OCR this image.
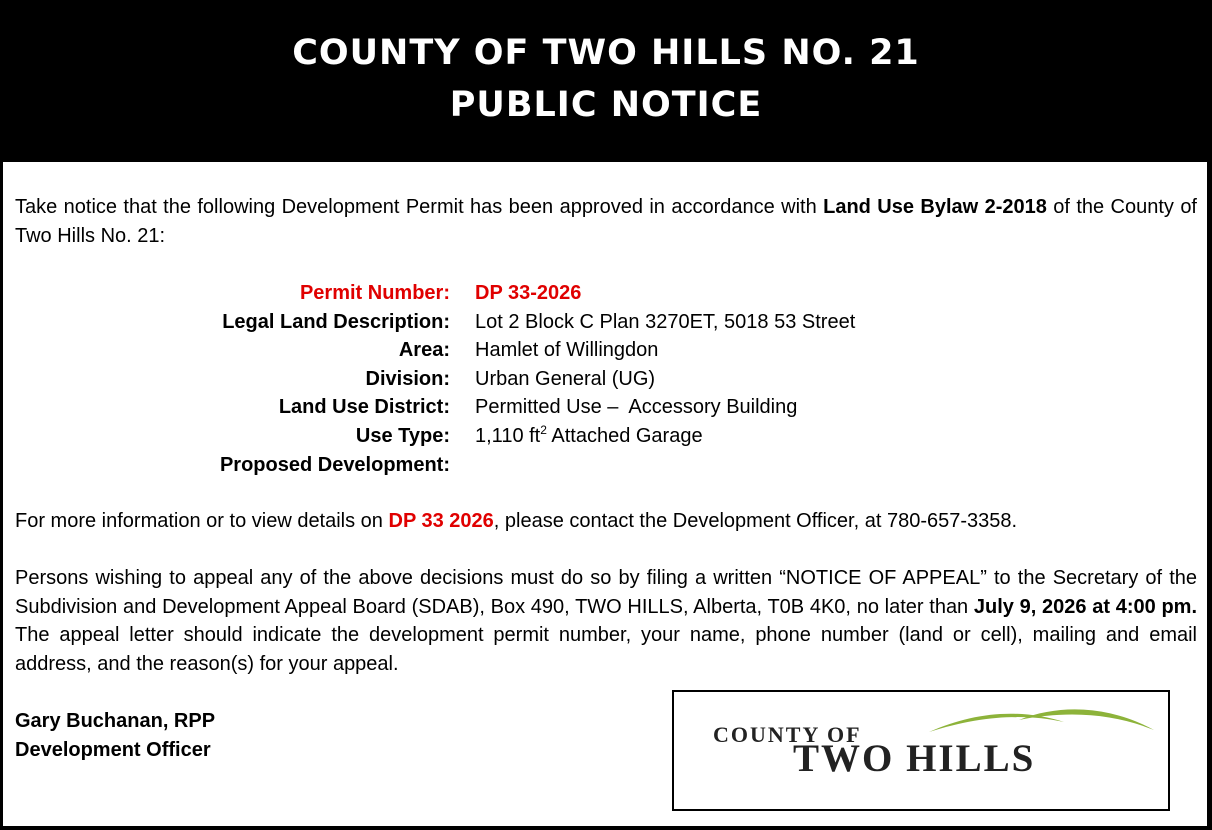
COUNTY OF TWO HILLS NO. 21
PUBLIC NOTICE
Take notice that the following Development Permit has been approved in accordance with Land Use Bylaw 2-2018 of the County of Two Hills No. 21:
Permit Number: DP 33-2026
Legal Land Description: Lot 2 Block C Plan 3270ET, 5018 53 Street
Area: Hamlet of Willingdon
Division: Urban General (UG)
Land Use District: Permitted Use –  Accessory Building
Use Type: 1,110 $ft^2$ Attached Garage
Proposed Development:
For more information or to view details on DP 33 2026, please contact the Development Officer, at 780-657-3358.
Persons wishing to appeal any of the above decisions must do so by filing a written “NOTICE OF APPEAL” to the Secretary of the Subdivision and Development Appeal Board (SDAB), Box 490, TWO HILLS, Alberta, T0B 4K0, no later than July 9, 2026 at 4:00 pm.  The appeal letter should indicate the development permit number, your name, phone number (land or cell), mailing and email address, and the reason(s) for your appeal.
Gary Buchanan, RPP
Development Officer
COUNTY OF
TWO HILLS
